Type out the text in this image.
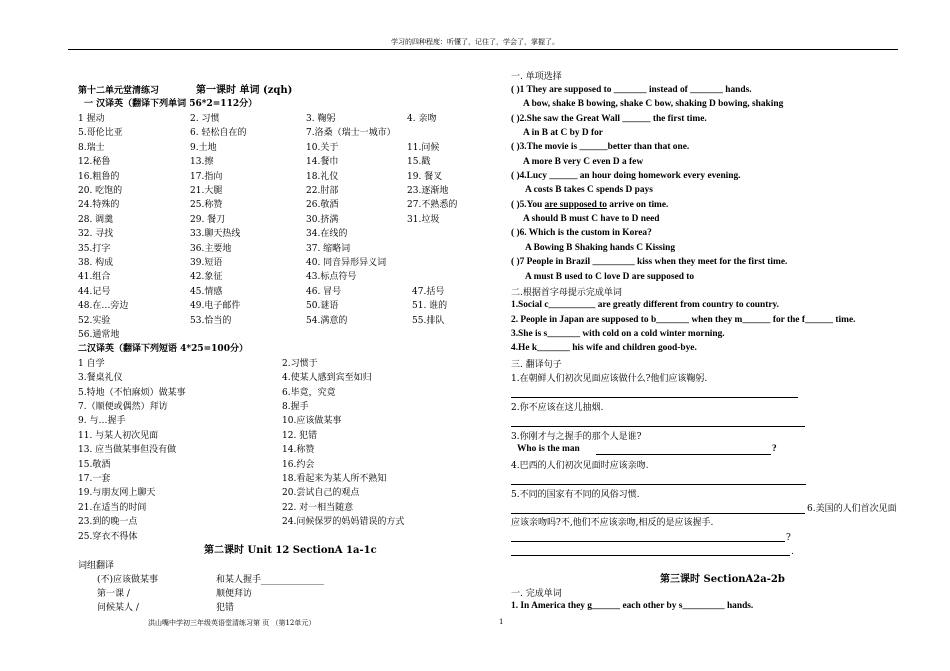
学习的四种程度：听懂了，记住了，学会了，掌握了。
第十二单元堂清练习	第一课时 单词 (zqh)
一 汉译英（翻译下列单词 56*2=112分）
1 握动	2. 习惯	3. 鞠躬	4. 亲吻
5.哥伦比亚	6. 轻松自在的	7.洛桑（瑞士一城市）
8.瑞士	9.土地	10.关于	11.问候
12.秘鲁	13.擦	14.餐巾	15.戳
16.粗鲁的	17.指向	18.礼仪	19. 餐叉
20. 吃饱的	21.大腿	22.肘部	23.逐渐地
24.特殊的	25.称赞	26.敬酒	27.不熟悉的
28. 调羹	29. 餐刀	30.挤满	31.垃圾
32. 寻找	33.聊天热线	34.在线的
35.打字	36.主要地	37. 缩略词
38. 构成	39.短语	40. 同音异形异义词
41.组合	42.象征	43.标点符号
44.记号	45.情感	46. 冒号	47.括号
48.在…旁边	49.电子邮件	50.谜语	51. 谁的
52.实验	53.恰当的	54.满意的	55.排队
56.通常地
二汉译英（翻译下列短语 4*25=100分）
1 自学	2.习惯于
3.餐桌礼仪	4.使某人感到宾至如归
5.特地（不怕麻烦）做某事	6.毕竟，究竟
7.（顺便或偶然）拜访	8.握手
9. 与…握手	10.应该做某事
11. 与某人初次见面	12. 犯错
13. 应当做某事但没有做	14.称赞
15.敬酒	16.约会
17.一套	18.看起来为某人所不熟知
19.与朋友网上聊天	20.尝试自己的观点
21.在适当的时间	22. 对一相当随意
23.到的晚一点	24.问候保罗的妈妈错误的方式
25.穿衣不得体
第二课时 Unit 12 SectionA 1a-1c
词组翻译
(不)应该做某事	和某人握手______________
第一课 /	顺便拜访
问候某人 /	犯错
洪山嘴中学初三年级英语堂清练习第 页 （第12单元）
一. 单项选择
( )1 They are supposed to _______ instead of _______ hands.
A bow, shake B bowing, shake C bow, shaking D bowing, shaking
( )2.She saw the Great Wall ______ the first time.
A in B at C by D for
( )3.The movie is ______better than that one.
A more B very C even D a few
( )4.Lucy ______ an hour doing homework every evening.
A costs B takes C spends D pays
( )5.You are supposed to arrive on time.
A should B must C have to D need
( )6. Which is the custom in Korea?
A Bowing B Shaking hands C Kissing
( )7 People in Brazil _________ kiss when they meet for the first time.
A must B used to C love D are supposed to
二.根据首字母提示完成单词
1.Social c__________ are greatly different from country to country.
2. People in Japan are supposed to b_______ when they m______ for the f______ time.
3.She is s_______ with cold on a cold winter morning.
4.He k_______ his wife and children good-bye.
三. 翻译句子
1.在朝鲜人们初次见面应该做什么?他们应该鞠躬.
2.你不应该在这儿抽烟.
3.你刚才与之握手的那个人是谁?
Who is the man	?
4.巴西的人们初次见面时应该亲吻.
5.不同的国家有不同的风俗习惯.
6.美国的人们首次见面
应该亲吻吗?不,他们不应该亲吻,相反的是应该握手.
?
.
第三课时 SectionA2a-2b
一. 完成单词
1. In America they g______ each other by s_________ hands.
1
